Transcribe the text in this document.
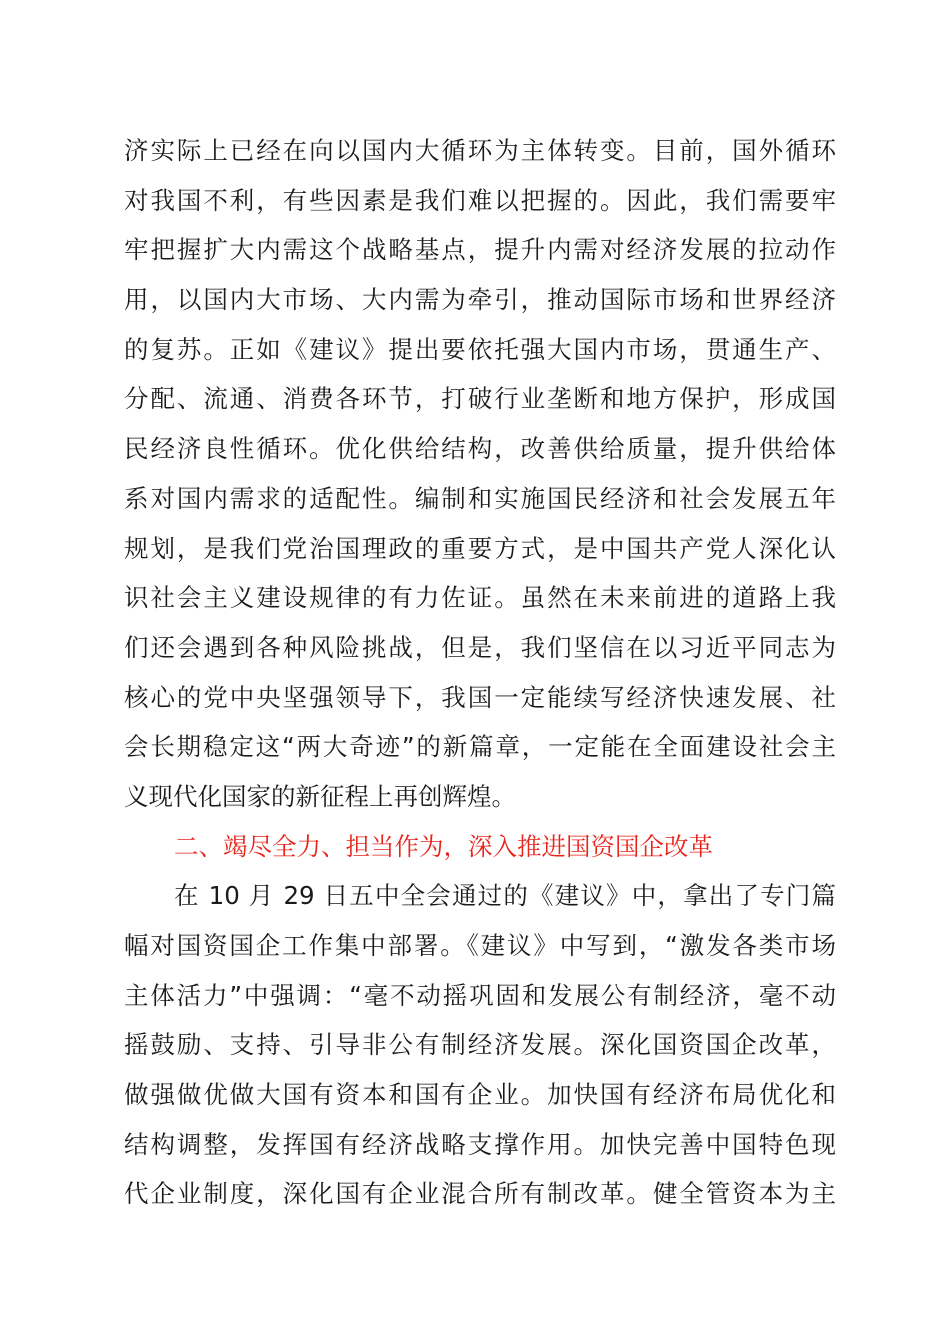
济实际上已经在向以国内大循环为主体转变。目前，国外循环
对我国不利，有些因素是我们难以把握的。因此，我们需要牢
牢把握扩大内需这个战略基点，提升内需对经济发展的拉动作
用，以国内大市场、大内需为牵引，推动国际市场和世界经济
的复苏。正如《建议》提出要依托强大国内市场，贯通生产、
分配、流通、消费各环节，打破行业垄断和地方保护，形成国
民经济良性循环。优化供给结构，改善供给质量，提升供给体
系对国内需求的适配性。编制和实施国民经济和社会发展五年
规划，是我们党治国理政的重要方式，是中国共产党人深化认
识社会主义建设规律的有力佐证。虽然在未来前进的道路上我
们还会遇到各种风险挑战，但是，我们坚信在以习近平同志为
核心的党中央坚强领导下，我国一定能续写经济快速发展、社
会长期稳定这“两大奇迹”的新篇章，一定能在全面建设社会主
义现代化国家的新征程上再创辉煌。
二、竭尽全力、担当作为，深入推进国资国企改革
在 10 月 29 日五中全会通过的《建议》中，拿出了专门篇
幅对国资国企工作集中部署。《建议》中写到，“激发各类市场
主体活力”中强调：“毫不动摇巩固和发展公有制经济，毫不动
摇鼓励、支持、引导非公有制经济发展。深化国资国企改革，
做强做优做大国有资本和国有企业。加快国有经济布局优化和
结构调整，发挥国有经济战略支撑作用。加快完善中国特色现
代企业制度，深化国有企业混合所有制改革。健全管资本为主
